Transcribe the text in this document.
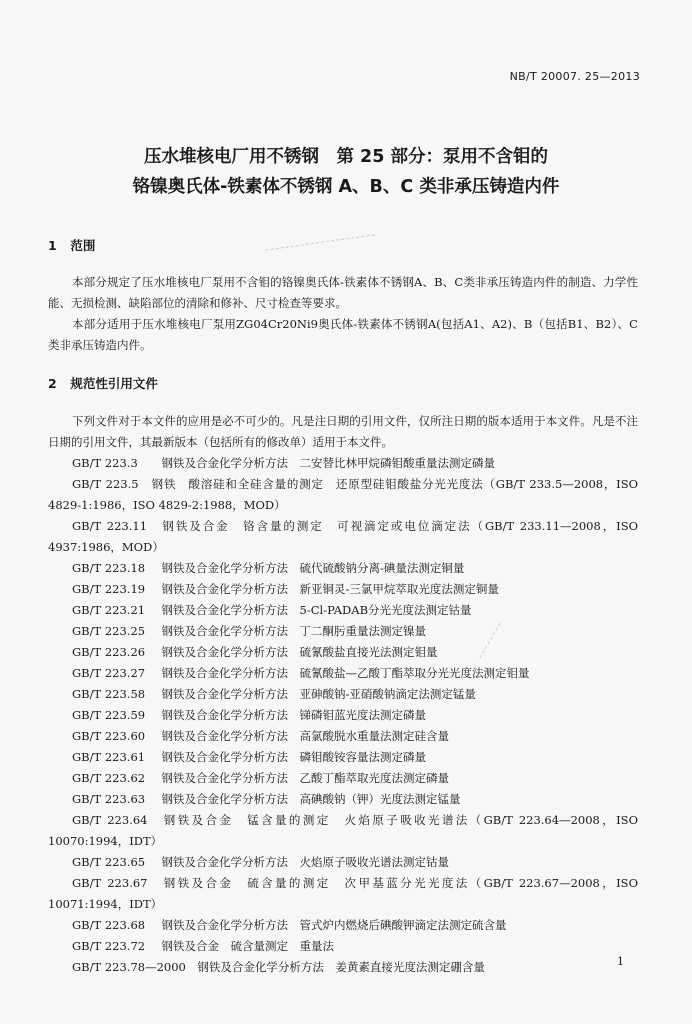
NB/T 20007. 25—2013
压水堆核电厂用不锈钢　第 25 部分：泵用不含钼的
铬镍奥氏体-铁素体不锈钢 A、B、C 类非承压铸造内件
1 范围
本部分规定了压水堆核电厂泵用不含钼的铬镍奥氏体-铁素体不锈钢A、B、C类非承压铸造内件的制造、力学性能、无损检测、缺陷部位的清除和修补、尺寸检查等要求。
本部分适用于压水堆核电厂泵用ZG04Cr20Ni9奥氏体-铁素体不锈钢A(包括A1、A2)、B（包括B1、B2）、C类非承压铸造内件。
2 规范性引用文件
下列文件对于本文件的应用是必不可少的。凡是注日期的引用文件，仅所注日期的版本适用于本文件。凡是不注日期的引用文件，其最新版本（包括所有的修改单）适用于本文件。
GB/T 223.3　 钢铁及合金化学分析方法　二安替比林甲烷磷钼酸重量法测定磷量
GB/T 223.5　 钢铁　酸溶硅和全硅含量的测定　还原型硅钼酸盐分光光度法（GB/T 233.5—2008，ISO 4829-1:1986，ISO 4829-2:1988，MOD）
GB/T 223.11　 钢铁及合金　铬含量的测定　可视滴定或电位滴定法（GB/T 233.11—2008，ISO 4937:1986，MOD）
GB/T 223.18　 钢铁及合金化学分析方法　硫代硫酸钠分离-碘量法测定铜量
GB/T 223.19　 钢铁及合金化学分析方法　新亚铜灵-三氯甲烷萃取光度法测定铜量
GB/T 223.21　 钢铁及合金化学分析方法　5-Cl-PADAB分光光度法测定钴量
GB/T 223.25　 钢铁及合金化学分析方法　丁二酮肟重量法测定镍量
GB/T 223.26　 钢铁及合金化学分析方法　硫氰酸盐直接光法测定钼量
GB/T 223.27　 钢铁及合金化学分析方法　硫氰酸盐—乙酸丁酯萃取分光光度法测定钼量
GB/T 223.58　 钢铁及合金化学分析方法　亚砷酸钠-亚硝酸钠滴定法测定锰量
GB/T 223.59　 钢铁及合金化学分析方法　锑磷钼蓝光度法测定磷量
GB/T 223.60　 钢铁及合金化学分析方法　高氯酸脱水重量法测定硅含量
GB/T 223.61　 钢铁及合金化学分析方法　磷钼酸铵容量法测定磷量
GB/T 223.62　 钢铁及合金化学分析方法　乙酸丁酯萃取光度法测定磷量
GB/T 223.63　 钢铁及合金化学分析方法　高碘酸钠（钾）光度法测定锰量
GB/T 223.64　 钢铁及合金　锰含量的测定　火焰原子吸收光谱法（GB/T 223.64—2008，ISO 10070:1994，IDT）
GB/T 223.65　 钢铁及合金化学分析方法　火焰原子吸收光谱法测定钴量
GB/T 223.67　 钢铁及合金　硫含量的测定　次甲基蓝分光光度法（GB/T 223.67—2008，ISO 10071:1994，IDT）
GB/T 223.68　 钢铁及合金化学分析方法　管式炉内燃烧后碘酸钾滴定法测定硫含量
GB/T 223.72　 钢铁及合金　硫含量测定　重量法
GB/T 223.78—2000　 钢铁及合金化学分析方法　姜黄素直接光度法测定硼含量	1
